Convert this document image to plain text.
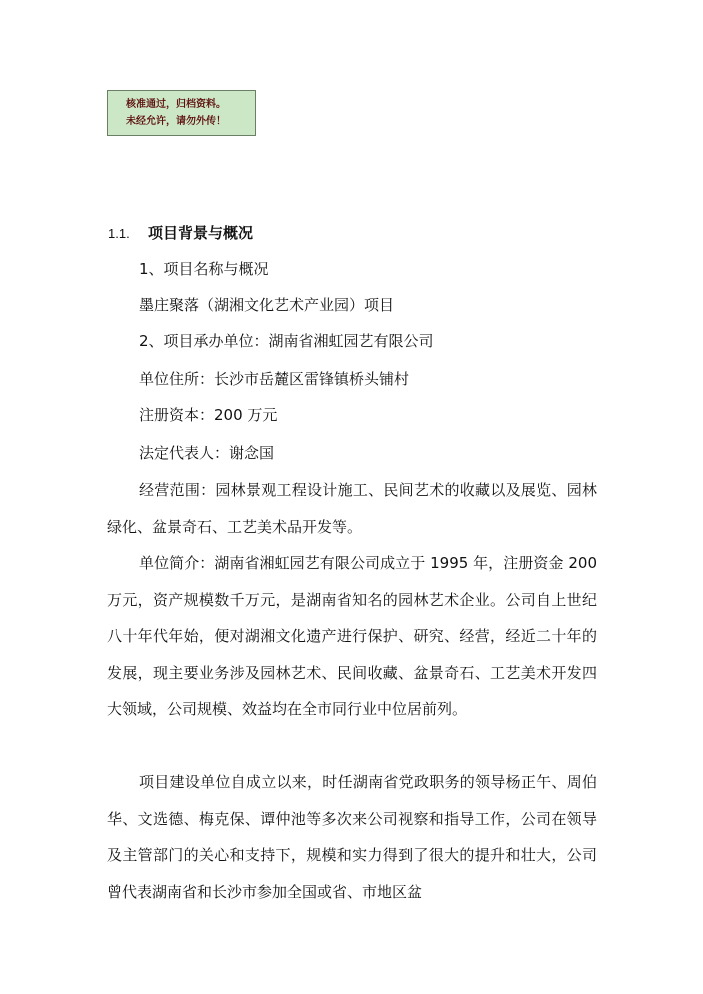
核准通过，归档资料。
未经允许，请勿外传！
1.1. 项目背景与概况
1、项目名称与概况
墨庄聚落（湖湘文化艺术产业园）项目
2、项目承办单位：湖南省湘虹园艺有限公司
单位住所：长沙市岳麓区雷锋镇桥头铺村
注册资本：200 万元
法定代表人：谢念国

经营范围：园林景观工程设计施工、民间艺术的收藏以及展览、园林绿化、盆景奇石、工艺美术品开发等。

单位简介：湖南省湘虹园艺有限公司成立于 1995 年，注册资金 200 万元，资产规模数千万元，是湖南省知名的园林艺术企业。公司自上世纪八十年代年始，便对湖湘文化遗产进行保护、研究、经营，经近二十年的发展，现主要业务涉及园林艺术、民间收藏、盆景奇石、工艺美术开发四大领域，公司规模、效益均在全市同行业中位居前列。

项目建设单位自成立以来，时任湖南省党政职务的领导杨正午、周伯华、文选德、梅克保、谭仲池等多次来公司视察和指导工作，公司在领导及主管部门的关心和支持下，规模和实力得到了很大的提升和壮大，公司曾代表湖南省和长沙市参加全国或省、市地区盆
